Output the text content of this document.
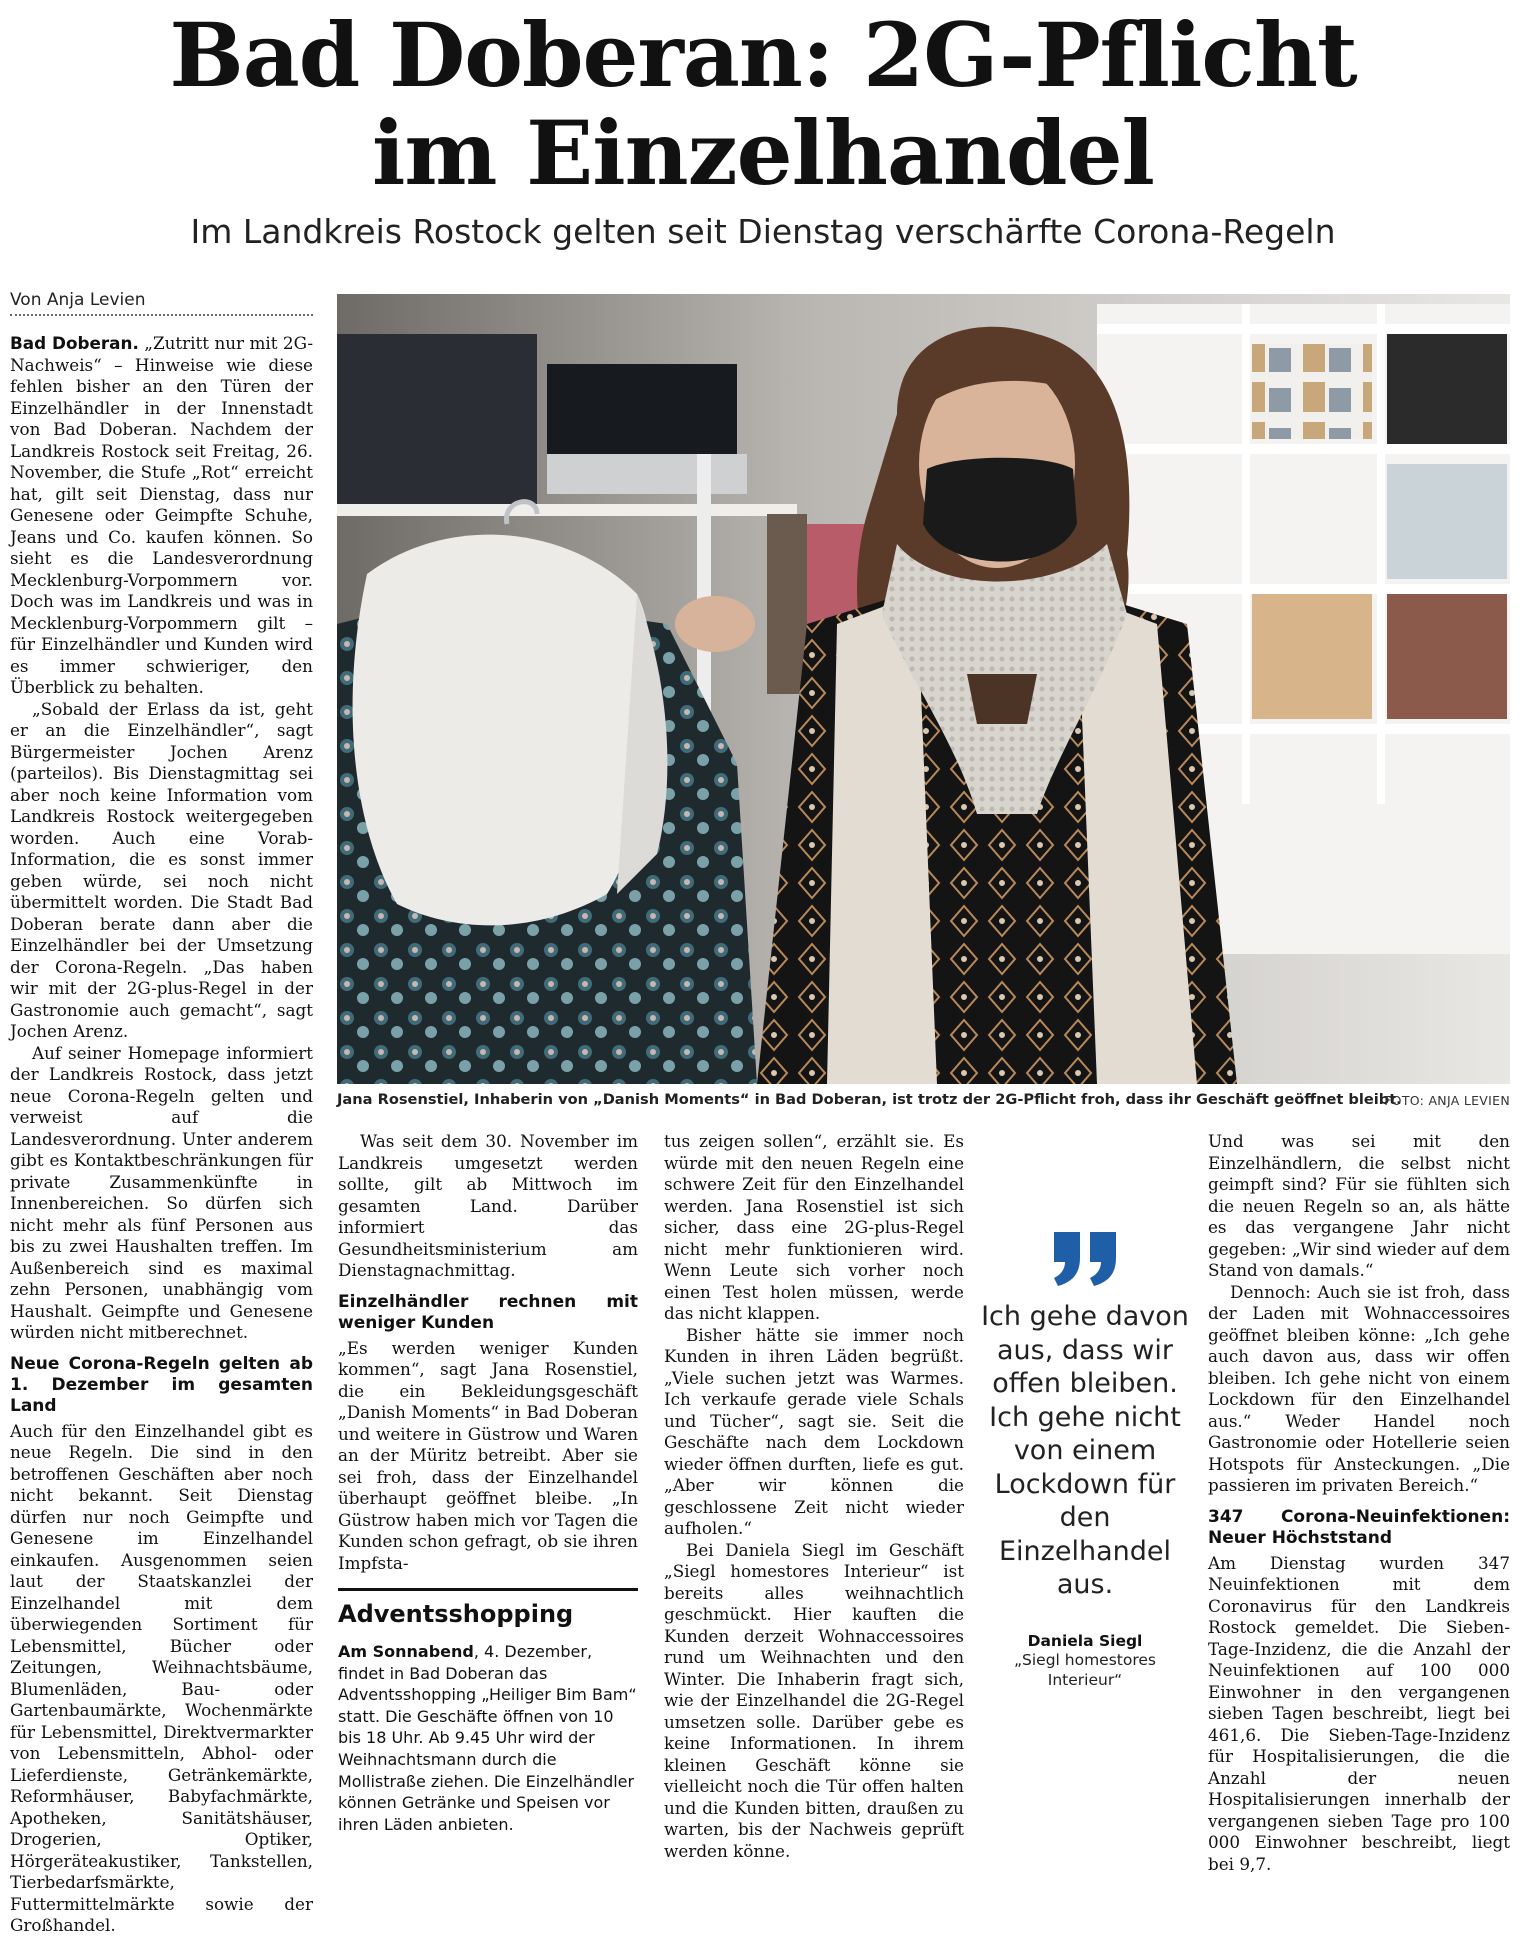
Bad Doberan: 2G-Pflicht
im Einzelhandel
Im Landkreis Rostock gelten seit Dienstag verschärfte Corona-Regeln
Von Anja Levien

Bad Doberan. „Zutritt nur mit 2G-Nachweis“ – Hinweise wie diese fehlen bisher an den Türen der Einzelhändler in der Innenstadt von Bad Doberan. Nachdem der Landkreis Rostock seit Freitag, 26. November, die Stufe „Rot“ erreicht hat, gilt seit Dienstag, dass nur Genesene oder Geimpfte Schuhe, Jeans und Co. kaufen können. So sieht es die Landesverordnung Mecklenburg-Vorpommern vor. Doch was im Landkreis und was in Mecklenburg-Vorpommern gilt – für Einzelhändler und Kunden wird es immer schwieriger, den Überblick zu behalten.

„Sobald der Erlass da ist, geht er an die Einzelhändler“, sagt Bürgermeister Jochen Arenz (parteilos). Bis Dienstagmittag sei aber noch keine Information vom Landkreis Rostock weitergegeben worden. Auch eine Vorab-Information, die es sonst immer geben würde, sei noch nicht übermittelt worden. Die Stadt Bad Doberan berate dann aber die Einzelhändler bei der Umsetzung der Corona-Regeln. „Das haben wir mit der 2G-plus-Regel in der Gastronomie auch gemacht“, sagt Jochen Arenz.

Auf seiner Homepage informiert der Landkreis Rostock, dass jetzt neue Corona-Regeln gelten und verweist auf die Landesverordnung. Unter anderem gibt es Kontaktbeschränkungen für private Zusammenkünfte in Innenbereichen. So dürfen sich nicht mehr als fünf Personen aus bis zu zwei Haushalten treffen. Im Außenbereich sind es maximal zehn Personen, unabhängig vom Haushalt. Geimpfte und Genesene würden nicht mitberechnet.

Neue Corona-Regeln gelten ab 1. Dezember im gesamten Land

Auch für den Einzelhandel gibt es neue Regeln. Die sind in den betroffenen Geschäften aber noch nicht bekannt. Seit Dienstag dürfen nur noch Geimpfte und Genesene im Einzelhandel einkaufen. Ausgenommen seien laut der Staatskanzlei der Einzelhandel mit dem überwiegenden Sortiment für Lebensmittel, Bücher oder Zeitungen, Weihnachtsbäume, Blumenläden, Bau- oder Gartenbaumärkte, Wochenmärkte für Lebensmittel, Direktvermarkter von Lebensmitteln, Abhol- oder Lieferdienste, Getränkemärkte, Reformhäuser, Babyfachmärkte, Apotheken, Sanitätshäuser, Drogerien, Optiker, Hörgeräteakustiker, Tankstellen, Tierbedarfsmärkte, Futtermittelmärkte sowie der Großhandel.

Jana Rosenstiel, Inhaberin von „Danish Moments“ in Bad Doberan, ist trotz der 2G-Pflicht froh, dass ihr Geschäft geöffnet bleibt.
FOTO: ANJA LEVIEN

Was seit dem 30. November im Landkreis umgesetzt werden sollte, gilt ab Mittwoch im gesamten Land. Darüber informiert das Gesundheitsministerium am Dienstagnachmittag.

Einzelhändler rechnen mit weniger Kunden

„Es werden weniger Kunden kommen“, sagt Jana Rosenstiel, die ein Bekleidungsgeschäft „Danish Moments“ in Bad Doberan und weitere in Güstrow und Waren an der Müritz betreibt. Aber sie sei froh, dass der Einzelhandel überhaupt geöffnet bleibe. „In Güstrow haben mich vor Tagen die Kunden schon gefragt, ob sie ihren Impfsta-

Adventsshopping
Am Sonnabend, 4. Dezember, findet in Bad Doberan das Adventsshopping „Heiliger Bim Bam“ statt. Die Geschäfte öffnen von 10 bis 18 Uhr. Ab 9.45 Uhr wird der Weihnachtsmann durch die Mollistraße ziehen. Die Einzelhändler können Getränke und Speisen vor ihren Läden anbieten.

tus zeigen sollen“, erzählt sie. Es würde mit den neuen Regeln eine schwere Zeit für den Einzelhandel werden. Jana Rosenstiel ist sich sicher, dass eine 2G-plus-Regel nicht mehr funktionieren wird. Wenn Leute sich vorher noch einen Test holen müssen, werde das nicht klappen.

Bisher hätte sie immer noch Kunden in ihren Läden begrüßt. „Viele suchen jetzt was Warmes. Ich verkaufe gerade viele Schals und Tücher“, sagt sie. Seit die Geschäfte nach dem Lockdown wieder öffnen durften, liefe es gut. „Aber wir können die geschlossene Zeit nicht wieder aufholen.“

Bei Daniela Siegl im Geschäft „Siegl homestores Interieur“ ist bereits alles weihnachtlich geschmückt. Hier kauften die Kunden derzeit Wohnaccessoires rund um Weihnachten und den Winter. Die Inhaberin fragt sich, wie der Einzelhandel die 2G-Regel umsetzen solle. Darüber gebe es keine Informationen. In ihrem kleinen Geschäft könne sie vielleicht noch die Tür offen halten und die Kunden bitten, draußen zu warten, bis der Nachweis geprüft werden könne.

Ich gehe davon aus, dass wir offen bleiben. Ich gehe nicht von einem Lockdown für den Einzelhandel aus.
Daniela Siegl
„Siegl homestores Interieur“

Und was sei mit den Einzelhändlern, die selbst nicht geimpft sind? Für sie fühlten sich die neuen Regeln so an, als hätte es das vergangene Jahr nicht gegeben: „Wir sind wieder auf dem Stand von damals.“

Dennoch: Auch sie ist froh, dass der Laden mit Wohnaccessoires geöffnet bleiben könne: „Ich gehe auch davon aus, dass wir offen bleiben. Ich gehe nicht von einem Lockdown für den Einzelhandel aus.“ Weder Handel noch Gastronomie oder Hotellerie seien Hotspots für Ansteckungen. „Die passieren im privaten Bereich.“

347 Corona-Neuinfektionen: Neuer Höchststand

Am Dienstag wurden 347 Neuinfektionen mit dem Coronavirus für den Landkreis Rostock gemeldet. Die Sieben-Tage-Inzidenz, die die Anzahl der Neuinfektionen auf 100 000 Einwohner in den vergangenen sieben Tagen beschreibt, liegt bei 461,6. Die Sieben-Tage-Inzidenz für Hospitalisierungen, die die Anzahl der neuen Hospitalisierungen innerhalb der vergangenen sieben Tage pro 100 000 Einwohner beschreibt, liegt bei 9,7.
